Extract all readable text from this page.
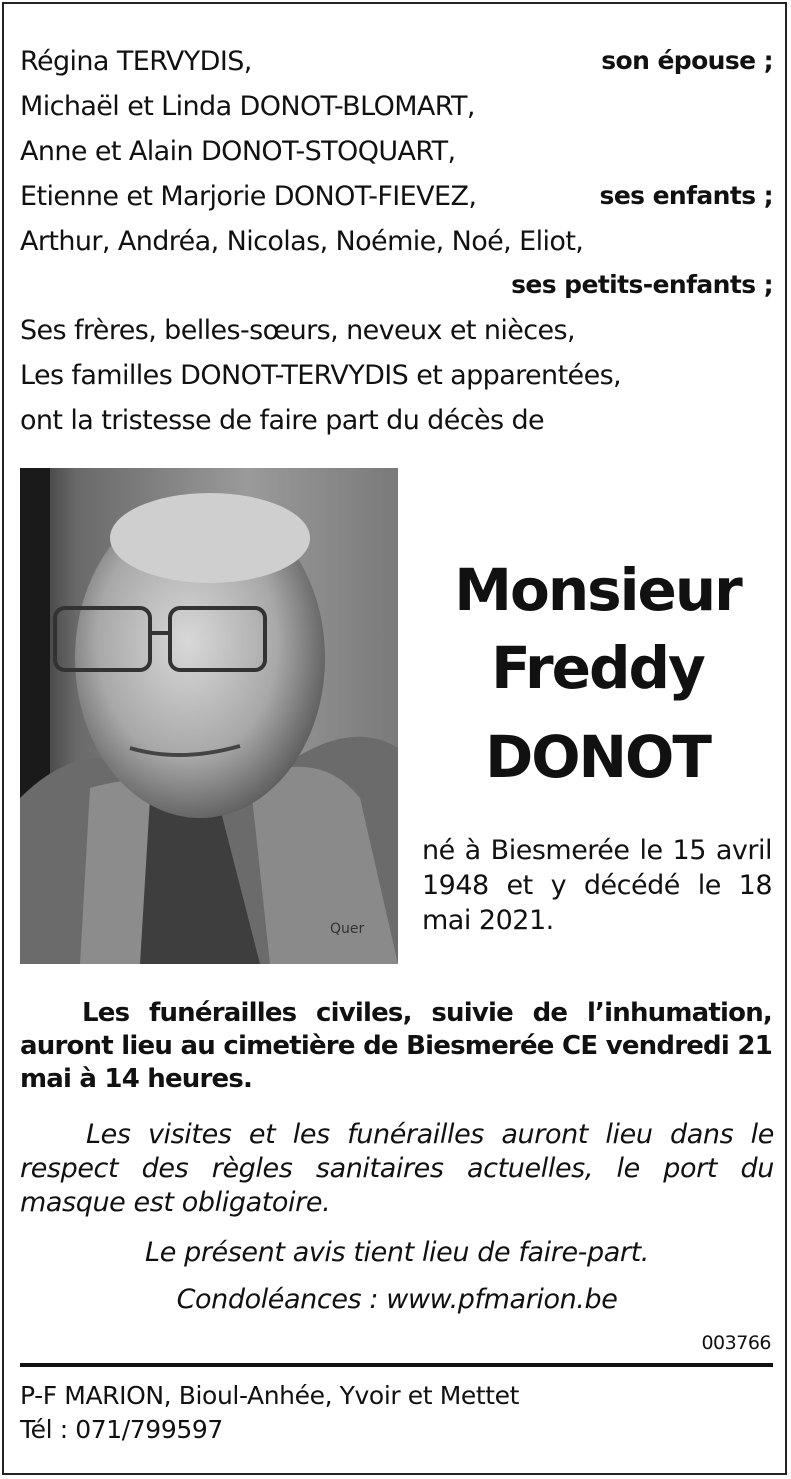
Régina TERVYDIS,	son épouse ;
Michaël et Linda DONOT-BLOMART,
Anne et Alain DONOT-STOQUART,
Etienne et Marjorie DONOT-FIEVEZ,	ses enfants ;
Arthur, Andréa, Nicolas, Noémie, Noé, Eliot,
ses petits-enfants ;
Ses frères, belles-sœurs, neveux et nièces,
Les familles DONOT-TERVYDIS et apparentées,
ont la tristesse de faire part du décès de
Quer
Monsieur
Freddy
DONOT
né à Biesmerée le 15 avril 1948 et y décédé le 18 mai 2021.
Les funérailles civiles, suivie de l’inhumation, auront lieu au cimetière de Biesmerée CE vendredi 21 mai à 14 heures.
Les visites et les funérailles auront lieu dans le respect des règles sanitaires actuelles, le port du masque est obligatoire.
Le présent avis tient lieu de faire-part.
Condoléances : www.pfmarion.be
003766
P-F MARION, Bioul-Anhée, Yvoir et Mettet
Tél : 071/799597
